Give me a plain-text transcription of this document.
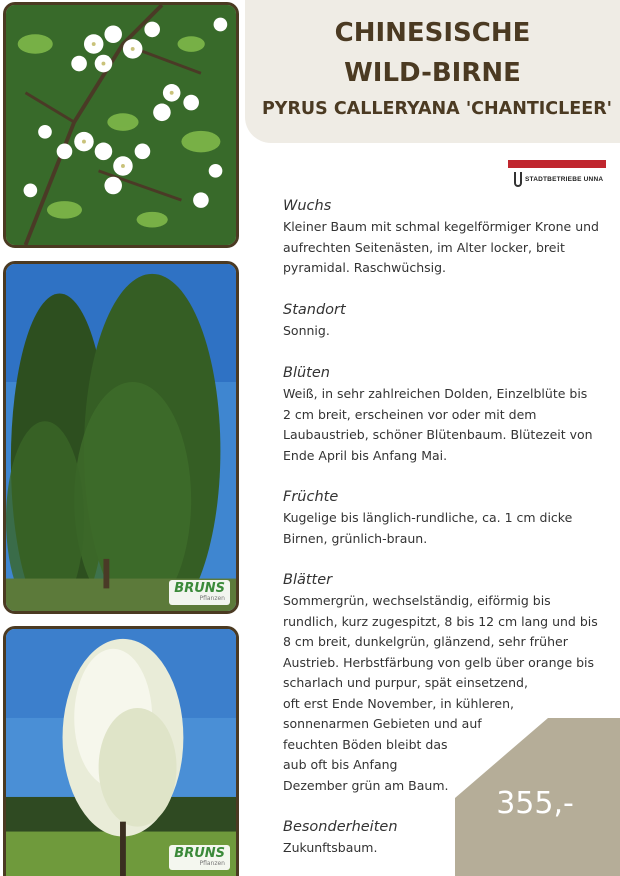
BRUNS
Pflanzen
BRUNS
Pflanzen
CHINESISCHE
WILD-BIRNE
PYRUS CALLERYANA 'CHANTICLEER'
STADTBETRIEBE UNNA
Wuchs

Kleiner Baum mit schmal kegelförmiger Krone und
aufrechten Seitenästen, im Alter locker, breit
pyramidal. Raschwüchsig.

Standort

Sonnig.

Blüten

Weiß, in sehr zahlreichen Dolden, Einzelblüte bis
2 cm breit, erscheinen vor oder mit dem
Laubaustrieb, schöner Blütenbaum. Blütezeit von
Ende April bis Anfang Mai.

Früchte

Kugelige bis länglich-rundliche, ca. 1 cm dicke
Birnen, grünlich-braun.

Blätter

Sommergrün, wechselständig, eiförmig bis
rundlich, kurz zugespitzt, 8 bis 12 cm lang und bis
8 cm breit, dunkelgrün, glänzend, sehr früher
Austrieb. Herbstfärbung von gelb über orange bis
scharlach und purpur, spät einsetzend,
oft erst Ende November, in kühleren,
sonnenarmen Gebieten und auf
feuchten Böden bleibt das
aub oft bis Anfang
Dezember grün am Baum.

355,-
Besonderheiten

Zukunftsbaum.
